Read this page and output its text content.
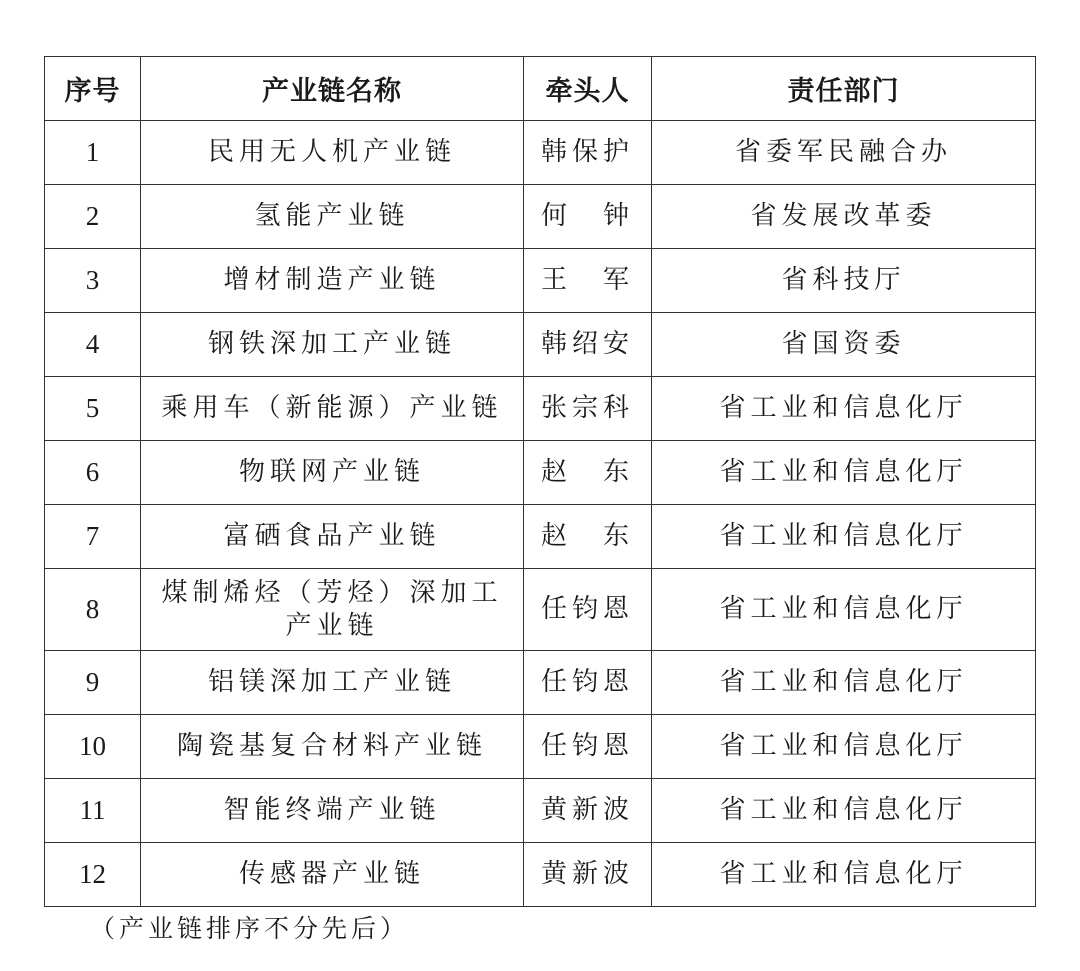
序号	产业链名称	牵头人	责任部门
1	民用无人机产业链	韩保护	省委军民融合办
2	氢能产业链	何　钟	省发展改革委
3	增材制造产业链	王　军	省科技厅
4	钢铁深加工产业链	韩绍安	省国资委
5	乘用车（新能源）产业链	张宗科	省工业和信息化厅
6	物联网产业链	赵　东	省工业和信息化厅
7	富硒食品产业链	赵　东	省工业和信息化厅
8	煤制烯烃（芳烃）深加工产业链	任钧恩	省工业和信息化厅
9	铝镁深加工产业链	任钧恩	省工业和信息化厅
10	陶瓷基复合材料产业链	任钧恩	省工业和信息化厅
11	智能终端产业链	黄新波	省工业和信息化厅
12	传感器产业链	黄新波	省工业和信息化厅
（产业链排序不分先后）
